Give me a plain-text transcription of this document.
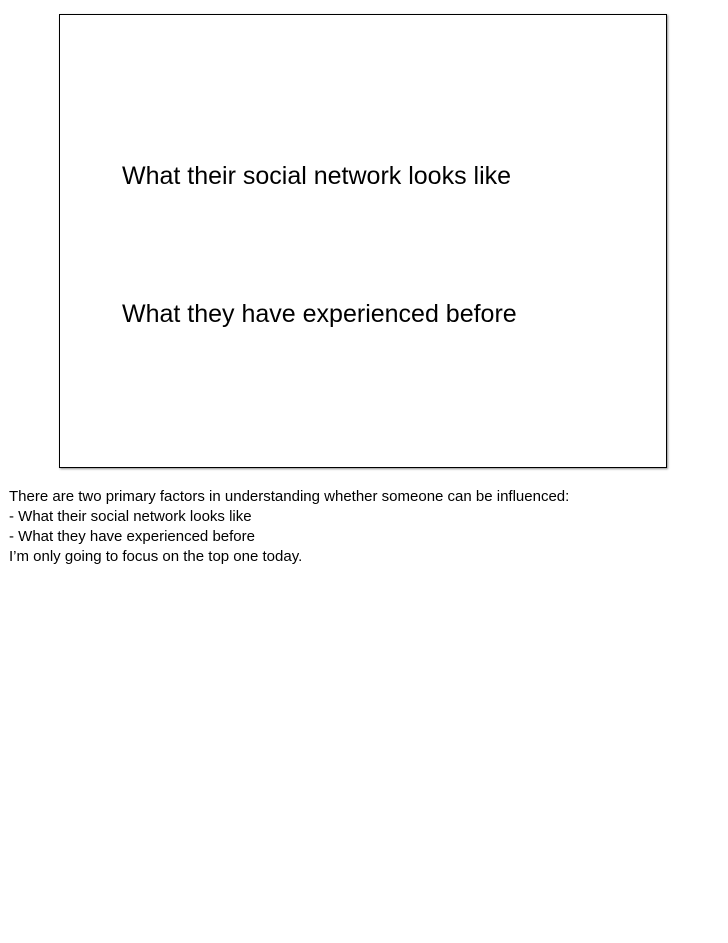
What their social network looks like
What they have experienced before

There are two primary factors in understanding whether someone can be influenced:

- What their social network looks like

- What they have experienced before

I’m only going to focus on the top one today.
